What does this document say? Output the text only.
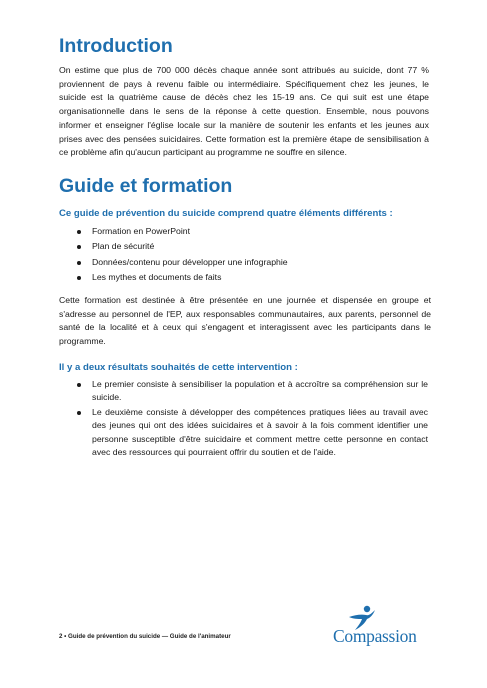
Introduction

On estime que plus de 700 000 décès chaque année sont attribués au suicide, dont 77 % proviennent de pays à revenu faible ou intermédiaire. Spécifiquement chez les jeunes, le suicide est la quatrième cause de décès chez les 15-19 ans. Ce qui suit est une étape organisationnelle dans le sens de la réponse à cette question. Ensemble, nous pouvons informer et enseigner l'église locale sur la manière de soutenir les enfants et les jeunes aux prises avec des pensées suicidaires. Cette formation est la première étape de sensibilisation à ce problème afin qu'aucun participant au programme ne souffre en silence.

Guide et formation
Ce guide de prévention du suicide comprend quatre éléments différents :
Formation en PowerPoint
Plan de sécurité
Données/contenu pour développer une infographie
Les mythes et documents de faits

Cette formation est destinée à être présentée en une journée et dispensée en groupe et s'adresse au personnel de l'EP, aux responsables communautaires, aux parents, personnel de santé de la localité et à ceux qui s'engagent et interagissent avec les participants dans le programme.

Il y a deux résultats souhaités de cette intervention :
Le premier consiste à sensibiliser la population et à accroître sa compréhension sur le suicide.
Le deuxième consiste à développer des compétences pratiques liées au travail avec des jeunes qui ont des idées suicidaires et à savoir à la fois comment identifier une personne susceptible d'être suicidaire et comment mettre cette personne en contact avec des ressources qui pourraient offrir du soutien et de l'aide.
2 • Guide de prévention du suicide — Guide de l'animateur	Compassion
